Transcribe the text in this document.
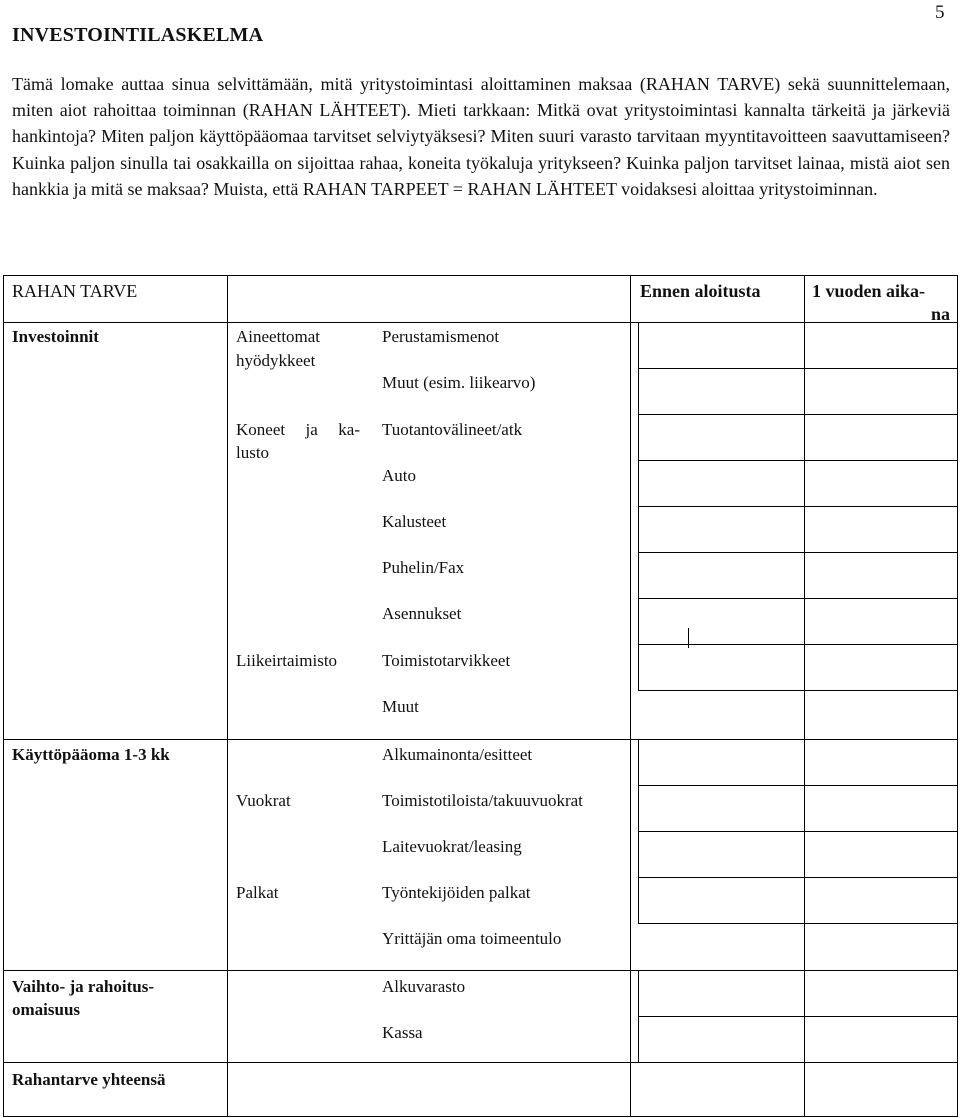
5
INVESTOINTILASKELMA

Tämä lomake auttaa sinua selvittämään, mitä yritystoimintasi aloittaminen maksaa (RAHAN TARVE) sekä suunnittelemaan, miten aiot rahoittaa toiminnan (RAHAN LÄHTEET). Mieti tarkkaan: Mitkä ovat yritystoimintasi kannalta tärkeitä ja järkeviä hankintoja? Miten paljon käyttöpääomaa tarvitset selviytyäksesi? Miten suuri varasto tarvitaan myyntitavoitteen saavuttamiseen? Kuinka paljon sinulla tai osakkailla on sijoittaa rahaa, koneita työkaluja yritykseen? Kuinka paljon tarvitset lainaa, mistä aiot sen hankkia ja mitä se maksaa? Muista, että RAHAN TARPEET = RAHAN LÄHTEET voidaksesi aloittaa yritystoiminnan.

RAHAN TARVE	Ennen aloitusta	1 vuoden aika-
na
Investoinnit
Käyttöpääoma 1-3 kk
Vaihto- ja rahoitus-
omaisuus
Rahantarve yhteensä
Aineettomat
hyödykkeet
Koneet ja ka-
lusto
Liikeirtaimisto
Vuokrat
Palkat
Perustamismenot
Muut (esim. liikearvo)
Tuotantovälineet/atk
Auto
Kalusteet
Puhelin/Fax
Asennukset
Toimistotarvikkeet
Muut
Alkumainonta/esitteet
Toimistotiloista/takuuvuokrat
Laitevuokrat/leasing
Työntekijöiden palkat
Yrittäjän oma toimeentulo
Alkuvarasto
Kassa
